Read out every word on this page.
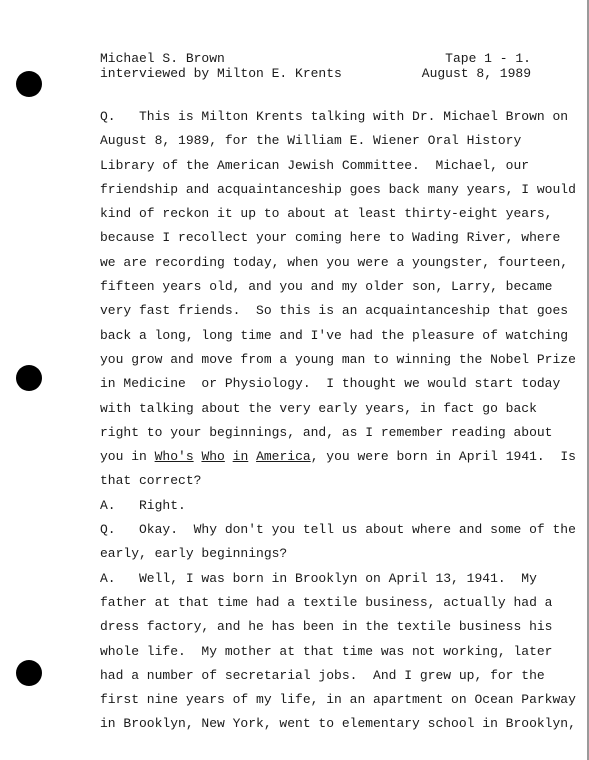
Michael S. Brown	Tape 1 - 1.
interviewed by Milton E. Krents	August 8, 1989
Q.   This is Milton Krents talking with Dr. Michael Brown on
August 8, 1989, for the William E. Wiener Oral History
Library of the American Jewish Committee.  Michael, our
friendship and acquaintanceship goes back many years, I would
kind of reckon it up to about at least thirty-eight years,
because I recollect your coming here to Wading River, where
we are recording today, when you were a youngster, fourteen,
fifteen years old, and you and my older son, Larry, became
very fast friends.  So this is an acquaintanceship that goes
back a long, long time and I've had the pleasure of watching
you grow and move from a young man to winning the Nobel Prize
in Medicine  or Physiology.  I thought we would start today
with talking about the very early years, in fact go back
right to your beginnings, and, as I remember reading about
you in Who's Who in America, you were born in April 1941.  Is
that correct?
A.   Right.
Q.   Okay.  Why don't you tell us about where and some of the
early, early beginnings?
A.   Well, I was born in Brooklyn on April 13, 1941.  My
father at that time had a textile business, actually had a
dress factory, and he has been in the textile business his
whole life.  My mother at that time was not working, later
had a number of secretarial jobs.  And I grew up, for the
first nine years of my life, in an apartment on Ocean Parkway
in Brooklyn, New York, went to elementary school in Brooklyn,
